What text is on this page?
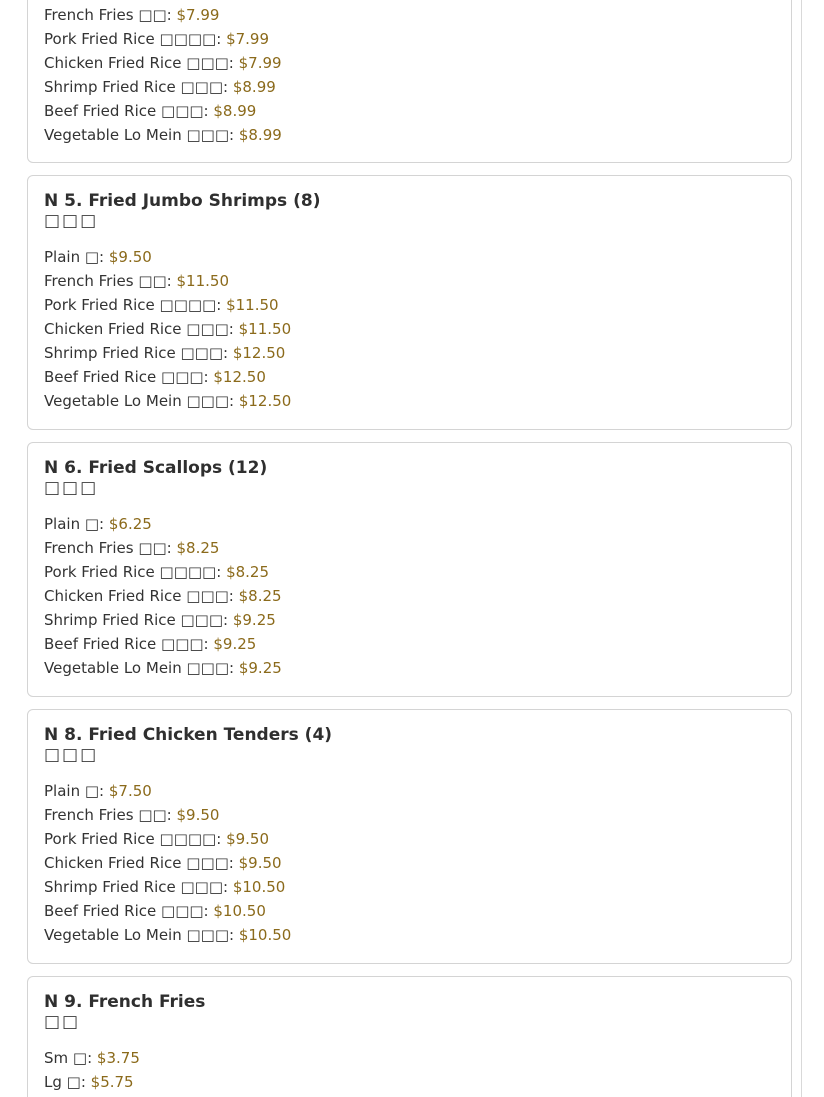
French Fries □□: $7.99
Pork Fried Rice □□□□: $7.99
Chicken Fried Rice □□□: $7.99
Shrimp Fried Rice □□□: $8.99
Beef Fried Rice □□□: $8.99
Vegetable Lo Mein □□□: $8.99
N 5. Fried Jumbo Shrimps (8)
□□□
Plain □: $9.50
French Fries □□: $11.50
Pork Fried Rice □□□□: $11.50
Chicken Fried Rice □□□: $11.50
Shrimp Fried Rice □□□: $12.50
Beef Fried Rice □□□: $12.50
Vegetable Lo Mein □□□: $12.50
N 6. Fried Scallops (12)
□□□
Plain □: $6.25
French Fries □□: $8.25
Pork Fried Rice □□□□: $8.25
Chicken Fried Rice □□□: $8.25
Shrimp Fried Rice □□□: $9.25
Beef Fried Rice □□□: $9.25
Vegetable Lo Mein □□□: $9.25
N 8. Fried Chicken Tenders (4)
□□□
Plain □: $7.50
French Fries □□: $9.50
Pork Fried Rice □□□□: $9.50
Chicken Fried Rice □□□: $9.50
Shrimp Fried Rice □□□: $10.50
Beef Fried Rice □□□: $10.50
Vegetable Lo Mein □□□: $10.50
N 9. French Fries
□□
Sm □: $3.75
Lg □: $5.75
